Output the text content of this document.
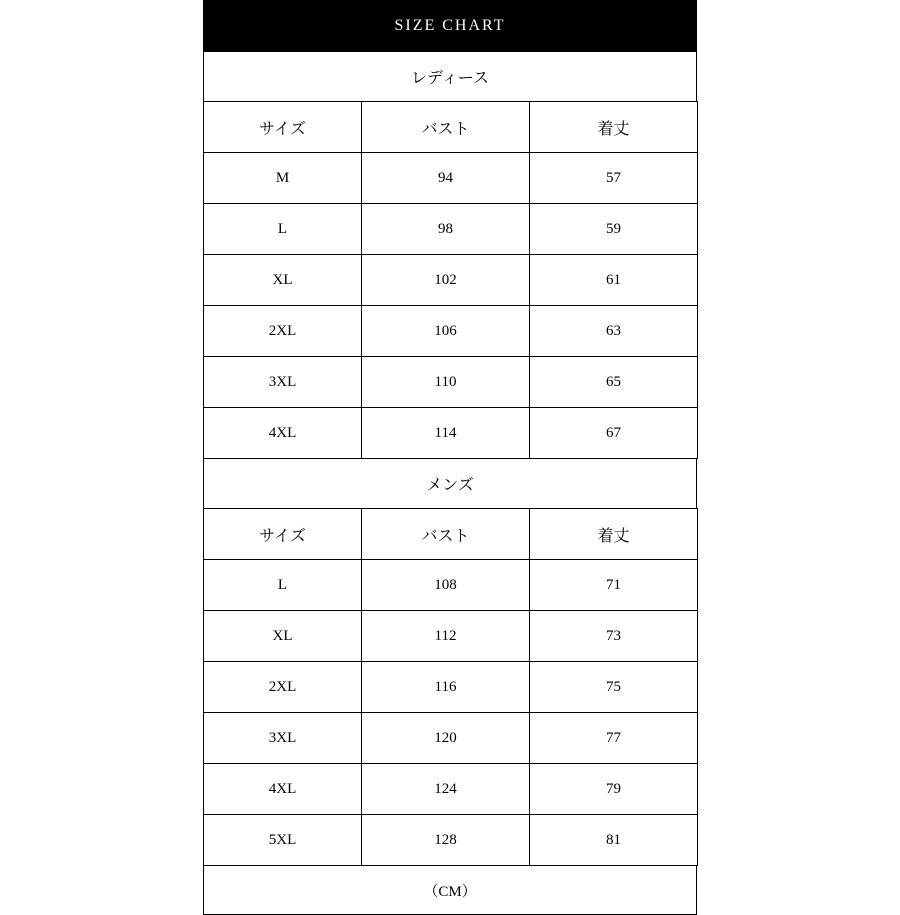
SIZE CHART
レディース
サイズ	バスト	着丈
M	94	57
L	98	59
XL	102	61
2XL	106	63
3XL	110	65
4XL	114	67
メンズ
サイズ	バスト	着丈
L	108	71
XL	112	73
2XL	116	75
3XL	120	77
4XL	124	79
5XL	128	81
（CM）
